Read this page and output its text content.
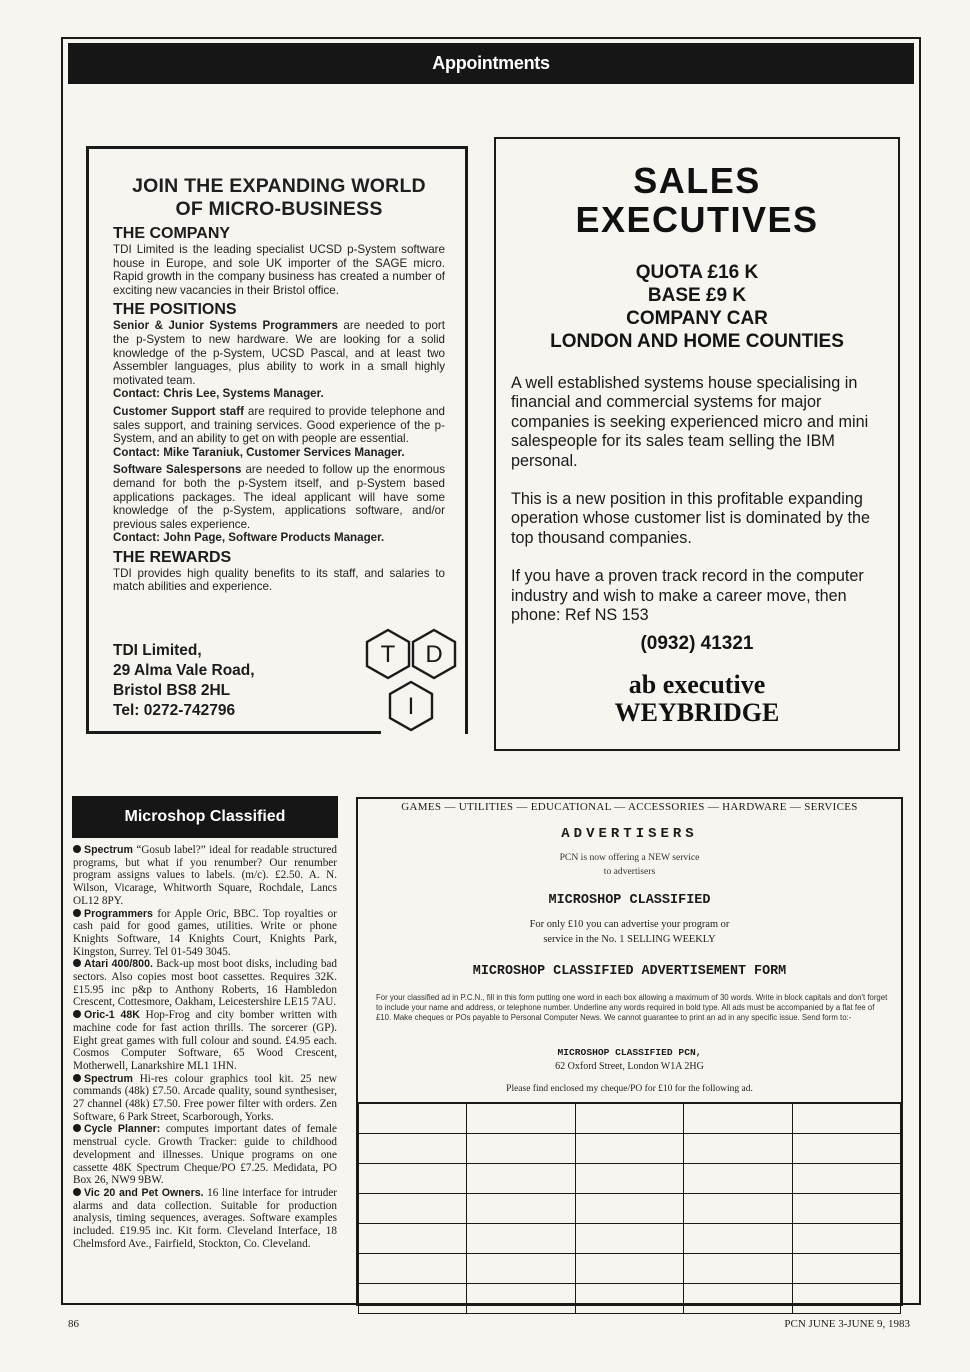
Appointments
JOIN THE EXPANDING WORLD
OF MICRO-BUSINESS
THE COMPANY
TDI Limited is the leading specialist UCSD p-System software house in Europe, and sole UK importer of the SAGE micro. Rapid growth in the company business has created a number of exciting new vacancies in their Bristol office.
THE POSITIONS
Senior & Junior Systems Programmers are needed to port the p-System to new hardware. We are looking for a solid knowledge of the p-System, UCSD Pascal, and at least two Assembler languages, plus ability to work in a small highly motivated team.
Contact: Chris Lee, Systems Manager.
Customer Support staff are required to provide telephone and sales support, and training services. Good experience of the p-System, and an ability to get on with people are essential.
Contact: Mike Taraniuk, Customer Services Manager.
Software Salespersons are needed to follow up the enormous demand for both the p-System itself, and p-System based applications packages. The ideal applicant will have some knowledge of the p-System, applications software, and/or previous sales experience.
Contact: John Page, Software Products Manager.
THE REWARDS
TDI provides high quality benefits to its staff, and salaries to match abilities and experience.
TDI Limited,
29 Alma Vale Road,
Bristol BS8 2HL
Tel: 0272-742796
T D
I
SALES
EXECUTIVES
QUOTA £16 K
BASE £9 K
COMPANY CAR
LONDON AND HOME COUNTIES

A well established systems house specialising in financial and commercial systems for major companies is seeking experienced micro and mini salespeople for its sales team selling the IBM personal.

This is a new position in this profitable expanding operation whose customer list is dominated by the top thousand companies.

If you have a proven track record in the computer industry and wish to make a career move, then phone: Ref NS 153

(0932) 41321
ab executive
WEYBRIDGE
Microshop Classified
Spectrum “Gosub label?” ideal for readable structured programs, but what if you renumber? Our renumber program assigns values to labels. (m/c). £2.50. A. N. Wilson, Vicarage, Whitworth Square, Rochdale, Lancs OL12 8PY.
Programmers for Apple Oric, BBC. Top royalties or cash paid for good games, utilities. Write or phone Knights Software, 14 Knights Court, Knights Park, Kingston, Surrey. Tel 01-549 3045.
Atari 400/800. Back-up most boot disks, including bad sectors. Also copies most boot cassettes. Requires 32K. £15.95 inc p&p to Anthony Roberts, 16 Hambledon Crescent, Cottesmore, Oakham, Leicestershire LE15 7AU.
Oric-1 48K Hop-Frog and city bomber written with machine code for fast action thrills. The sorcerer (GP). Eight great games with full colour and sound. £4.95 each. Cosmos Computer Software, 65 Wood Crescent, Motherwell, Lanarkshire ML1 1HN.
Spectrum Hi-res colour graphics tool kit. 25 new commands (48k) £7.50. Arcade quality, sound synthesiser, 27 channel (48k) £7.50. Free power filter with orders. Zen Software, 6 Park Street, Scarborough, Yorks.
Cycle Planner: computes important dates of female menstrual cycle. Growth Tracker: guide to childhood development and illnesses. Unique programs on one cassette 48K Spectrum Cheque/PO £7.25. Medidata, PO Box 26, NW9 9BW.
Vic 20 and Pet Owners. 16 line interface for intruder alarms and data collection. Suitable for production analysis, timing sequences, averages. Software examples included. £19.95 inc. Kit form. Cleveland Interface, 18 Chelmsford Ave., Fairfield, Stockton, Co. Cleveland.
GAMES — UTILITIES — EDUCATIONAL — ACCESSORIES — HARDWARE — SERVICES
ADVERTISERS
PCN is now offering a NEW service
to advertisers
MICROSHOP CLASSIFIED
For only £10 you can advertise your program or
service in the No. 1 SELLING WEEKLY
MICROSHOP CLASSIFIED ADVERTISEMENT FORM
For your classified ad in P.C.N., fill in this form putting one word in each box allowing a maximum of 30 words. Write in block capitals and don't forget to include your name and address, or telephone number. Underline any words required in bold type. All ads must be accompanied by a flat fee of £10. Make cheques or POs payable to Personal Computer News. We cannot guarantee to print an ad in any specific issue. Send form to:-
MICROSHOP CLASSIFIED PCN,
62 Oxford Street, London W1A 2HG
Please find enclosed my cheque/PO for £10 for the following ad.

86	PCN JUNE 3-JUNE 9, 1983
